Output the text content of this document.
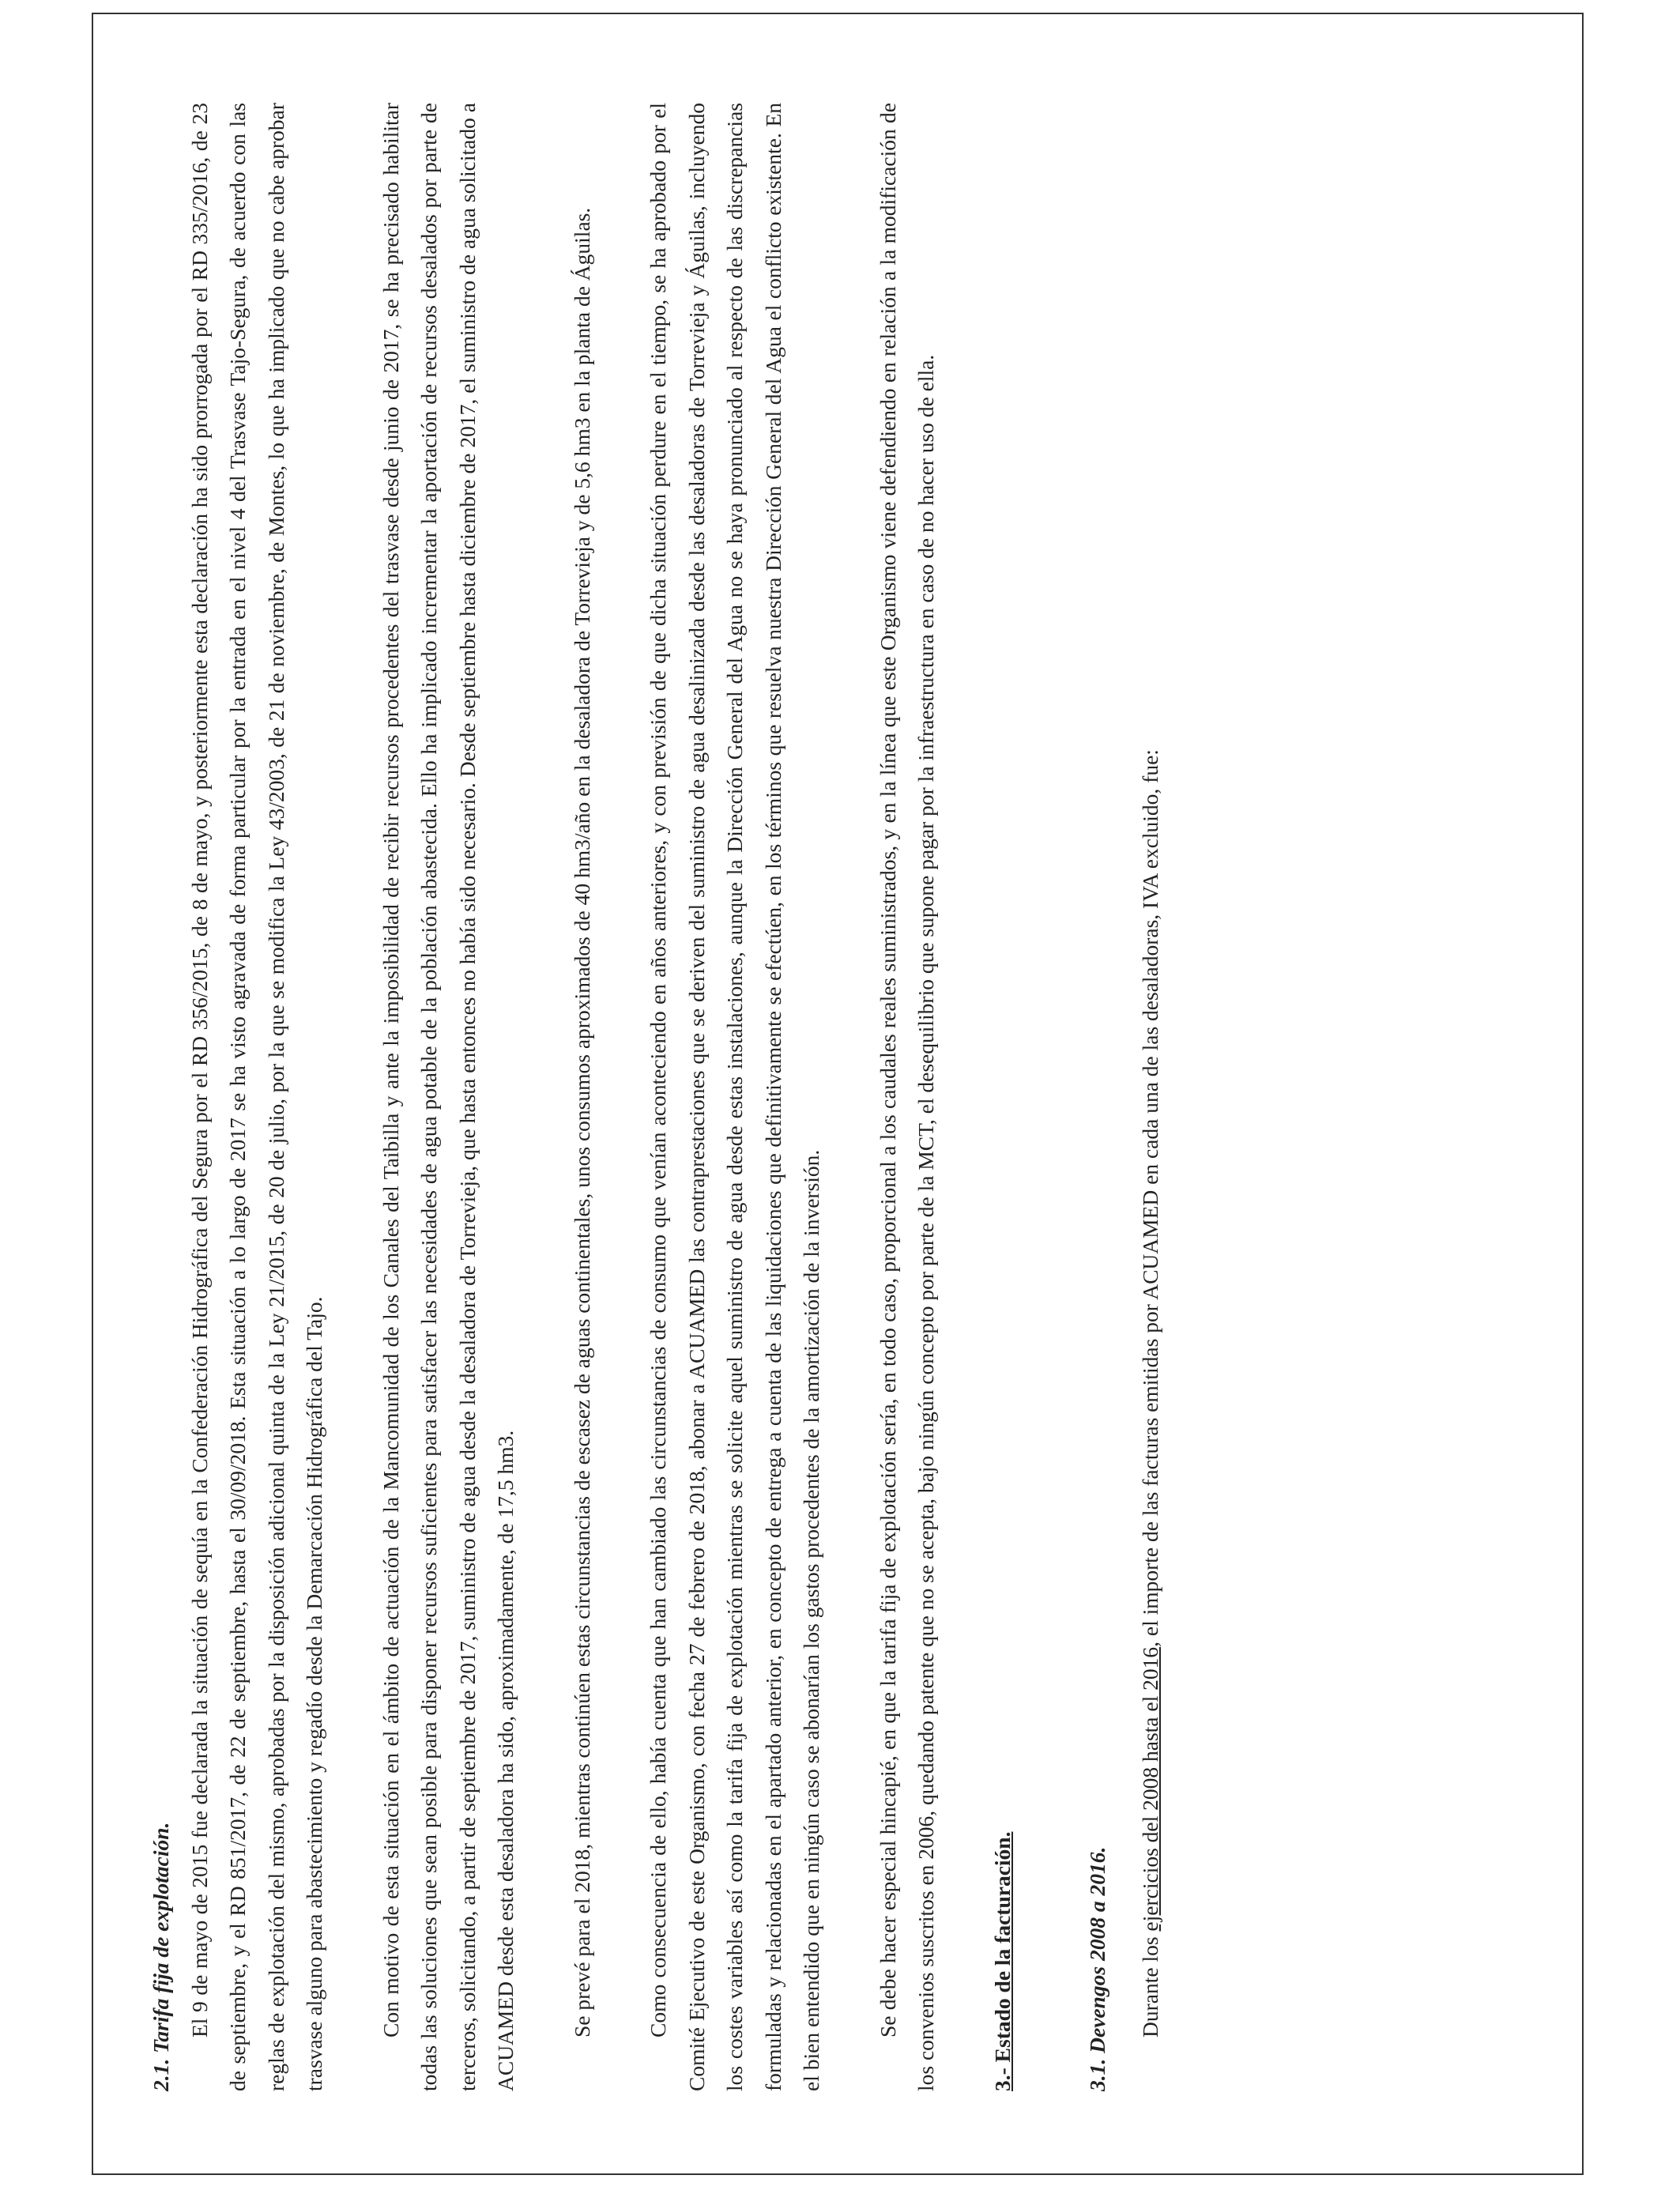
2.1. Tarifa fija de explotación. El 9 de mayo de 2015 fue declarada la situación de sequía en la Confederación Hidrográfica del Segura por el RD 356/2015, de 8 de mayo, y posteriormente esta declaración ha sido prorrogada por el RD 335/2016, de 23 de septiembre, y el RD 851/2017, de 22 de septiembre, hasta el 30/09/2018. Esta situación a lo largo de 2017 se ha visto agravada de forma particular por la entrada en el nivel 4 del Trasvase Tajo-Segura, de acuerdo con las reglas de explotación del mismo, aprobadas por la disposición adicional quinta de la Ley 21/2015, de 20 de julio, por la que se modifica la Ley 43/2003, de 21 de noviembre, de Montes, lo que ha implicado que no cabe aprobar trasvase alguno para abastecimiento y regadío desde la Demarcación Hidrográfica del Tajo.	Con motivo de esta situación en el ámbito de actuación de la Mancomunidad de los Canales del Taibilla y ante la imposibilidad de recibir recursos procedentes del trasvase desde junio de 2017, se ha precisado habilitar todas las soluciones que sean posible para disponer recursos suficientes para satisfacer las necesidades de agua potable de la población abastecida. Ello ha implicado incrementar la aportación de recursos desalados por parte de terceros, solicitando, a partir de septiembre de 2017, suministro de agua desde la desaladora de Torrevieja, que hasta entonces no había sido necesario. Desde septiembre hasta diciembre de 2017, el suministro de agua solicitado a ACUAMED desde esta desaladora ha sido, aproximadamente, de 17,5 hm3.	Se prevé para el 2018, mientras continúen estas circunstancias de escasez de aguas continentales, unos consumos aproximados de 40 hm3/año en la desaladora de Torrevieja y de 5,6 hm3 en la planta de Águilas.	Como consecuencia de ello, había cuenta que han cambiado las circunstancias de consumo que venían aconteciendo en años anteriores, y con previsión de que dicha situación perdure en el tiempo, se ha aprobado por el Comité Ejecutivo de este Organismo, con fecha 27 de febrero de 2018, abonar a ACUAMED las contraprestaciones que se deriven del suministro de agua desalinizada desde las desaladoras de Torrevieja y Águilas, incluyendo los costes variables así como la tarifa fija de explotación mientras se solicite aquel suministro de agua desde estas instalaciones, aunque la Dirección General del Agua no se haya pronunciado al respecto de las discrepancias formuladas y relacionadas en el apartado anterior, en concepto de entrega a cuenta de las liquidaciones que definitivamente se efectúen, en los términos que resuelva nuestra Dirección General del Agua el conflicto existente. En el bien entendido que en ningún caso se abonarían los gastos procedentes de la amortización de la inversión.	Se debe hacer especial hincapié, en que la tarifa fija de explotación sería, en todo caso, proporcional a los caudales reales suministrados, y en la línea que este Organismo viene defendiendo en relación a la modificación de los convenios suscritos en 2006, quedando patente que no se acepta, bajo ningún concepto por parte de la MCT, el desequilibrio que supone pagar por la infraestructura en caso de no hacer uso de ella.	3.- Estado de la facturación.	3.1. Devengos 2008 a 2016.	Durante los ejercicios del 2008 hasta el 2016, el importe de las facturas emitidas por ACUAMED en cada una de las desaladoras, IVA excluido, fue:
